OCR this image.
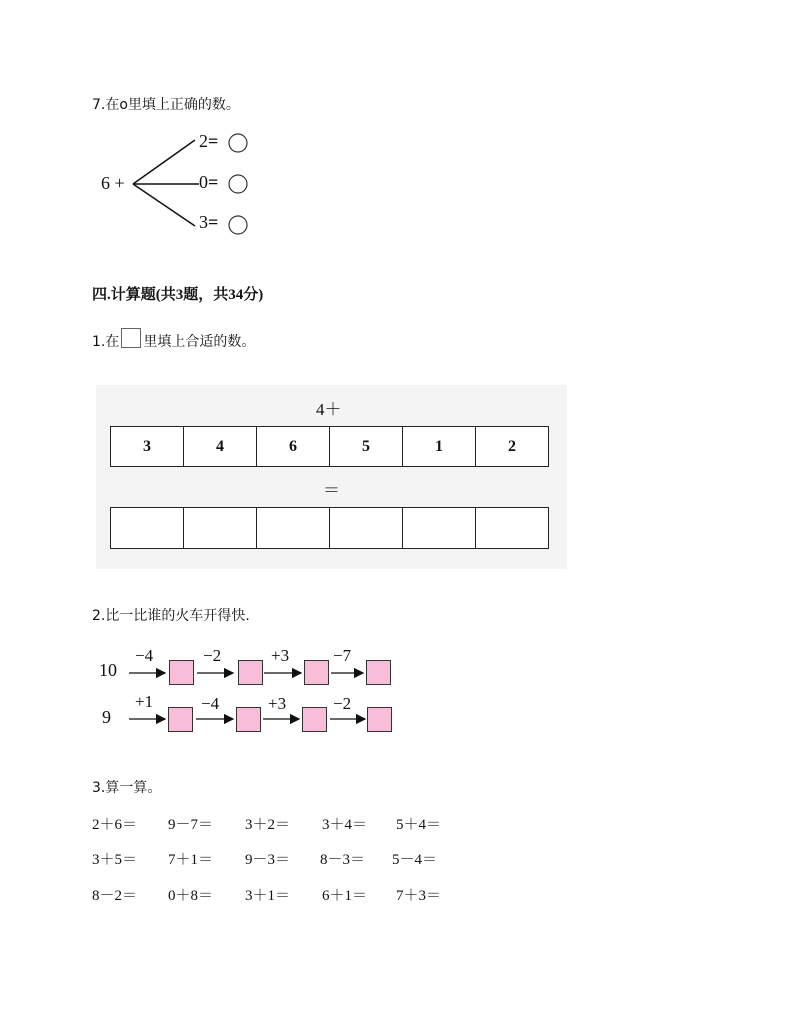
7.在o里填上正确的数。
6 +
2=
0=
3=
四.计算题(共3题，共34分)
1.在 里填上合适的数。
4＋
3	4	6	5	1	2
＝

2.比一比谁的火车开得快.
10
−4	−2	+3	−7
9
+1	−4	+3	−2
3.算一算。
2＋6＝ 9－7＝ 3＋2＝ 3＋4＝ 5＋4＝
3＋5＝ 7＋1＝ 9－3＝ 8－3＝ 5－4＝
8－2＝ 0＋8＝ 3＋1＝ 6＋1＝ 7＋3＝
